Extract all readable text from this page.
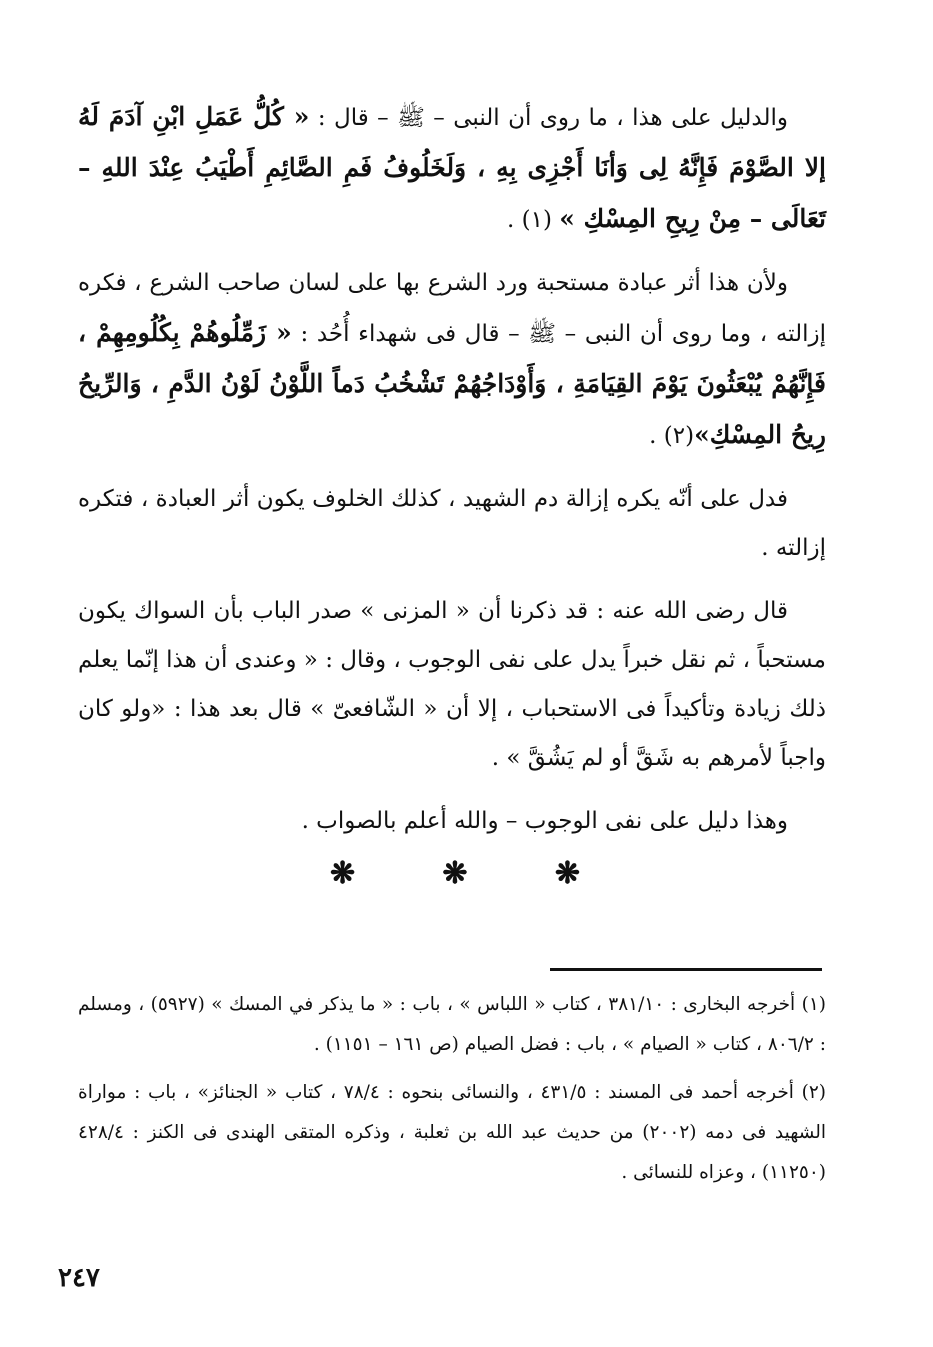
والدليل على هذا ، ما روى أن النبى – ﷺ – قال : « كُلُّ عَمَلِ ابْنِ آدَمَ لَهُ إلا الصَّوْمَ فَإِنَّهُ لِى وَأنَا أَجْزِى بِهِ ، وَلَخَلُوفُ فَمِ الصَّائِمِ أَطْيَبُ عِنْدَ اللهِ – تَعَالَى – مِنْ رِيحِ المِسْكِ » (١) .

ولأن هذا أثر عبادة مستحبة ورد الشرع بها على لسان صاحب الشرع ، فكره إزالته ، وما روى أن النبى – ﷺ – قال فى شهداء أُحُد : « زَمِّلُوهُمْ بِكُلُومِهِمْ ، فَإِنَّهُمْ يُبْعَثُونَ يَوْمَ القِيَامَةِ ، وَأَوْدَاجُهُمْ تَشْخُبُ دَماً اللَّوْنُ لَوْنُ الدَّمِ ، وَالرِّيحُ رِيحُ المِسْكِ»(٢) .

فدل على أنّه يكره إزالة دم الشهيد ، كذلك الخلوف يكون أثر العبادة ، فتكره إزالته .

قال رضى الله عنه : قد ذكرنا أن « المزنى » صدر الباب بأن السواك يكون مستحباً ، ثم نقل خبراً يدل على نفى الوجوب ، وقال : « وعندى أن هذا إنّما يعلم ذلك زيادة وتأكيداً فى الاستحباب ، إلا أن « الشّافعىّ » قال بعد هذا : «ولو كان واجباً لأمرهم به شَقَّ أو لم يَشُقَّ » .

وهذا دليل على نفى الوجوب – والله أعلم بالصواب .

❋	❋	❋

(١) أخرجه البخارى : ٣٨١/١٠ ، كتاب « اللباس » ، باب : « ما يذكر في المسك » (٥٩٢٧) ، ومسلم : ٨٠٦/٢ ، كتاب « الصيام » ، باب : فضل الصيام (ص ١٦١ – ١١٥١) .

(٢) أخرجه أحمد فى المسند : ٤٣١/٥ ، والنسائى بنحوه : ٧٨/٤ ، كتاب « الجنائز» ، باب : مواراة الشهيد فى دمه (٢٠٠٢) من حديث عبد الله بن ثعلبة ، وذكره المتقى الهندى فى الكنز : ٤٢٨/٤ (١١٢٥٠) ، وعزاه للنسائى .

٢٤٧
